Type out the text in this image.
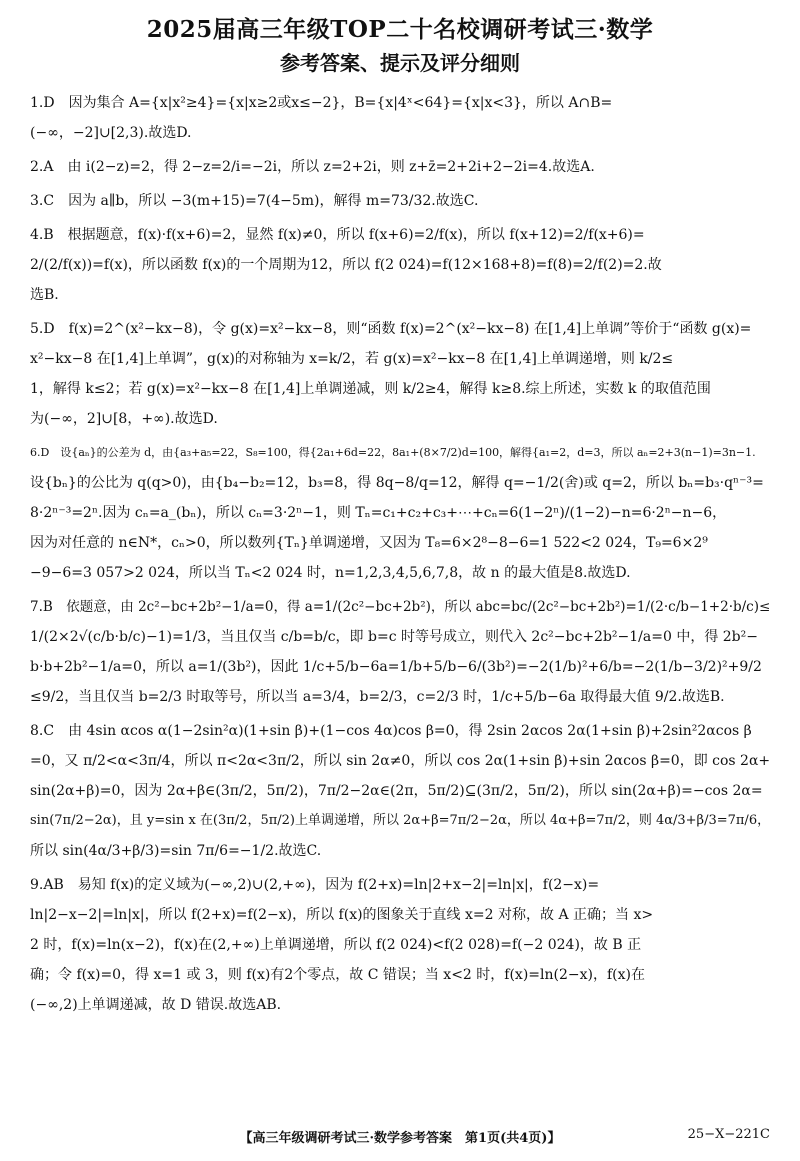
2025届高三年级TOP二十名校调研考试三·数学
参考答案、提示及评分细则
1.D　因为集合 A={x|x²≥4}={x|x≥2或x≤−2}，B={x|4ˣ<64}={x|x<3}，所以 A∩B=
(−∞，−2]∪[2,3).故选D.
2.A　由 i(2−z)=2，得 2−z=2/i=−2i，所以 z=2+2i，则 z+z̄=2+2i+2−2i=4.故选A.
3.C　因为 a∥b，所以 −3(m+15)=7(4−5m)，解得 m=73/32.故选C.
4.B　根据题意，f(x)·f(x+6)=2，显然 f(x)≠0，所以 f(x+6)=2/f(x)，所以 f(x+12)=2/f(x+6)=
2/(2/f(x))=f(x)，所以函数 f(x)的一个周期为12，所以 f(2 024)=f(12×168+8)=f(8)=2/f(2)=2.故
选B.
5.D　f(x)=2^(x²−kx−8)，令 g(x)=x²−kx−8，则“函数 f(x)=2^(x²−kx−8) 在[1,4]上单调”等价于“函数 g(x)=
x²−kx−8 在[1,4]上单调”，g(x)的对称轴为 x=k/2，若 g(x)=x²−kx−8 在[1,4]上单调递增，则 k/2≤
1，解得 k≤2；若 g(x)=x²−kx−8 在[1,4]上单调递减，则 k/2≥4，解得 k≥8.综上所述，实数 k 的取值范围
为(−∞，2]∪[8，+∞).故选D.
6.D　设{aₙ}的公差为 d，由{a₃+a₅=22，S₈=100，得{2a₁+6d=22，8a₁+(8×7/2)d=100，解得{a₁=2，d=3，所以 aₙ=2+3(n−1)=3n−1.
设{bₙ}的公比为 q(q>0)，由{b₄−b₂=12，b₃=8，得 8q−8/q=12，解得 q=−1/2(舍)或 q=2，所以 bₙ=b₃·qⁿ⁻³=
8·2ⁿ⁻³=2ⁿ.因为 cₙ=a_(bₙ)，所以 cₙ=3·2ⁿ−1，则 Tₙ=c₁+c₂+c₃+⋯+cₙ=6(1−2ⁿ)/(1−2)−n=6·2ⁿ−n−6，
因为对任意的 n∈N*，cₙ>0，所以数列{Tₙ}单调递增，又因为 T₈=6×2⁸−8−6=1 522<2 024，T₉=6×2⁹
−9−6=3 057>2 024，所以当 Tₙ<2 024 时，n=1,2,3,4,5,6,7,8，故 n 的最大值是8.故选D.
7.B　依题意，由 2c²−bc+2b²−1/a=0，得 a=1/(2c²−bc+2b²)，所以 abc=bc/(2c²−bc+2b²)=1/(2·c/b−1+2·b/c)≤
1/(2×2√(c/b·b/c)−1)=1/3，当且仅当 c/b=b/c，即 b=c 时等号成立，则代入 2c²−bc+2b²−1/a=0 中，得 2b²−
b·b+2b²−1/a=0，所以 a=1/(3b²)，因此 1/c+5/b−6a=1/b+5/b−6/(3b²)=−2(1/b)²+6/b=−2(1/b−3/2)²+9/2
≤9/2，当且仅当 b=2/3 时取等号，所以当 a=3/4，b=2/3，c=2/3 时，1/c+5/b−6a 取得最大值 9/2.故选B.
8.C　由 4sin αcos α(1−2sin²α)(1+sin β)+(1−cos 4α)cos β=0，得 2sin 2αcos 2α(1+sin β)+2sin²2αcos β
=0，又 π/2<α<3π/4，所以 π<2α<3π/2，所以 sin 2α≠0，所以 cos 2α(1+sin β)+sin 2αcos β=0，即 cos 2α+
sin(2α+β)=0，因为 2α+β∈(3π/2，5π/2)，7π/2−2α∈(2π，5π/2)⊆(3π/2，5π/2)，所以 sin(2α+β)=−cos 2α=
sin(7π/2−2α)，且 y=sin x 在(3π/2，5π/2)上单调递增，所以 2α+β=7π/2−2α，所以 4α+β=7π/2，则 4α/3+β/3=7π/6，
所以 sin(4α/3+β/3)=sin 7π/6=−1/2.故选C.
9.AB　易知 f(x)的定义域为(−∞,2)∪(2,+∞)，因为 f(2+x)=ln|2+x−2|=ln|x|，f(2−x)=
ln|2−x−2|=ln|x|，所以 f(2+x)=f(2−x)，所以 f(x)的图象关于直线 x=2 对称，故 A 正确；当 x>
2 时，f(x)=ln(x−2)，f(x)在(2,+∞)上单调递增，所以 f(2 024)<f(2 028)=f(−2 024)，故 B 正
确；令 f(x)=0，得 x=1 或 3，则 f(x)有2个零点，故 C 错误；当 x<2 时，f(x)=ln(2−x)，f(x)在
(−∞,2)上单调递减，故 D 错误.故选AB.
【高三年级调研考试三·数学参考答案　第1页(共4页)】	25−X−221C
